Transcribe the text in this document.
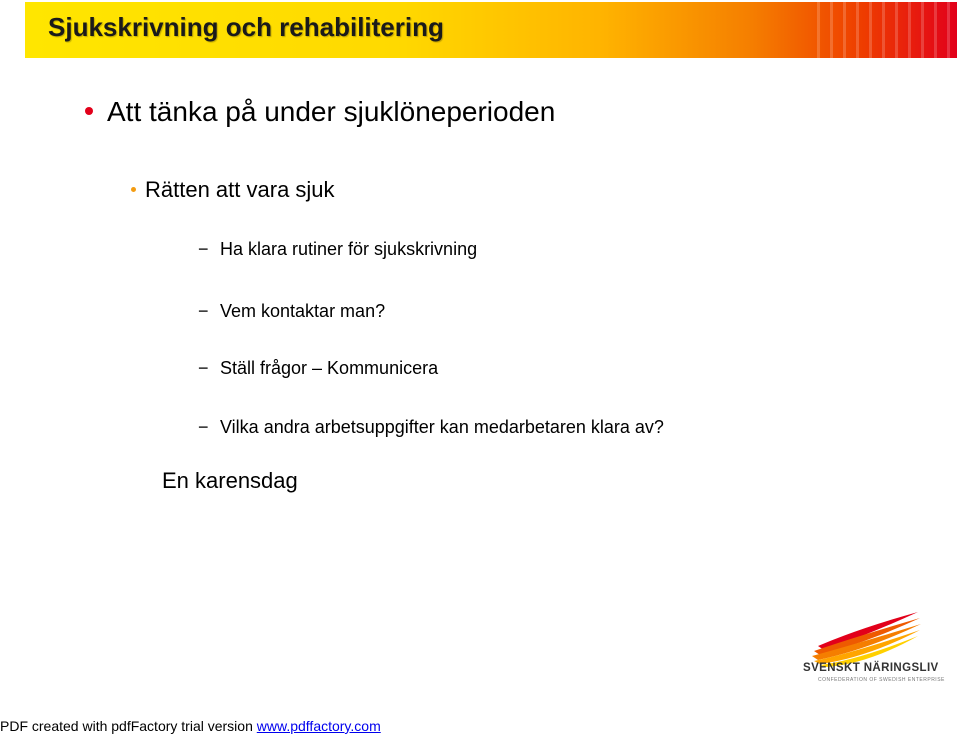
Sjukskrivning och rehabilitering
Att tänka på under sjuklöneperioden
Rätten att vara sjuk
− Ha klara rutiner för sjukskrivning
− Vem kontaktar man?
− Ställ frågor – Kommunicera
− Vilka andra arbetsuppgifter kan medarbetaren klara av?
En karensdag
SVENSKT NÄRINGSLIV
CONFEDERATION OF SWEDISH ENTERPRISE
PDF created with pdfFactory trial version www.pdffactory.com
